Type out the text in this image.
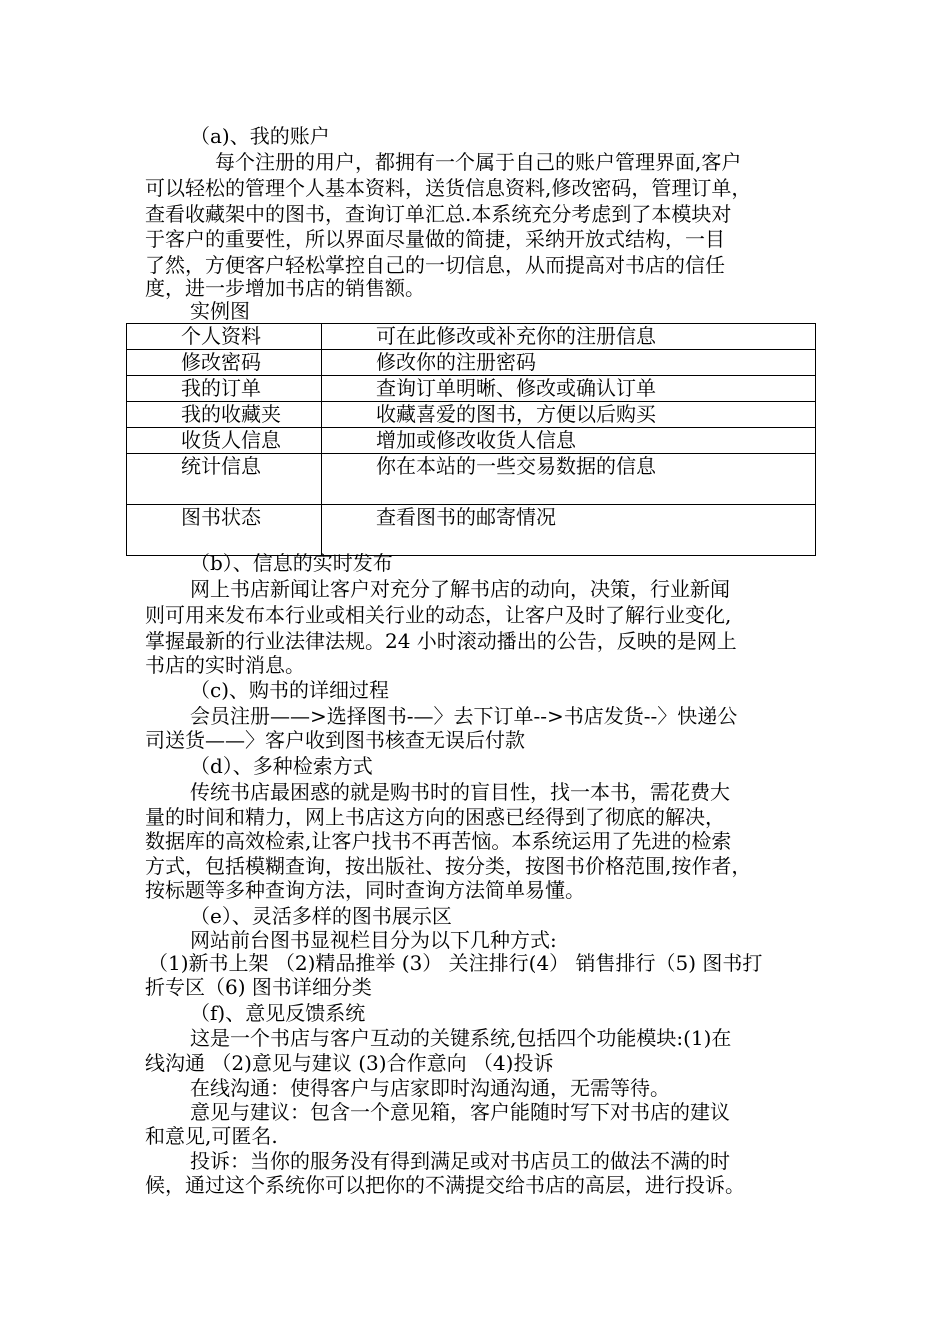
（a)、我的账户
每个注册的用户，都拥有一个属于自己的账户管理界面,客户
可以轻松的管理个人基本资料，送货信息资料,修改密码，管理订单，
查看收藏架中的图书，查询订单汇总.本系统充分考虑到了本模块对
于客户的重要性，所以界面尽量做的简捷，采纳开放式结构，一目
了然，方便客户轻松掌控自己的一切信息，从而提高对书店的信任
度，进一步增加书店的销售额。
实例图
个人资料	可在此修改或补充你的注册信息
修改密码	修改你的注册密码
我的订单	查询订单明晰、修改或确认订单
我的收藏夹	收藏喜爱的图书，方便以后购买
收货人信息	增加或修改收货人信息
统计信息	你在本站的一些交易数据的信息
图书状态	查看图书的邮寄情况
（b）、信息的实时发布
网上书店新闻让客户对充分了解书店的动向，决策，行业新闻
则可用来发布本行业或相关行业的动态，让客户及时了解行业变化,
掌握最新的行业法律法规。24 小时滚动播出的公告，反映的是网上
书店的实时消息。
（c)、购书的详细过程
会员注册——>选择图书-—〉去下订单-->书店发货--〉快递公
司送货——〉客户收到图书核查无误后付款
（d）、多种检索方式
传统书店最困惑的就是购书时的盲目性，找一本书，需花费大
量的时间和精力，网上书店这方向的困惑已经得到了彻底的解决，
数据库的高效检索,让客户找书不再苦恼。本系统运用了先进的检索
方式，包括模糊查询，按出版社、按分类，按图书价格范围,按作者，
按标题等多种查询方法，同时查询方法简单易懂。
（e）、灵活多样的图书展示区
网站前台图书显视栏目分为以下几种方式:
（1)新书上架 （2)精品推举 (3） 关注排行(4） 销售排行（5) 图书打
折专区（6) 图书详细分类
（f)、意见反馈系统
这是一个书店与客户互动的关键系统,包括四个功能模块:(1)在
线沟通 （2)意见与建议 (3)合作意向 （4)投诉
在线沟通：使得客户与店家即时沟通沟通，无需等待。
意见与建议：包含一个意见箱，客户能随时写下对书店的建议
和意见,可匿名.
投诉：当你的服务没有得到满足或对书店员工的做法不满的时
候，通过这个系统你可以把你的不满提交给书店的高层，进行投诉。
